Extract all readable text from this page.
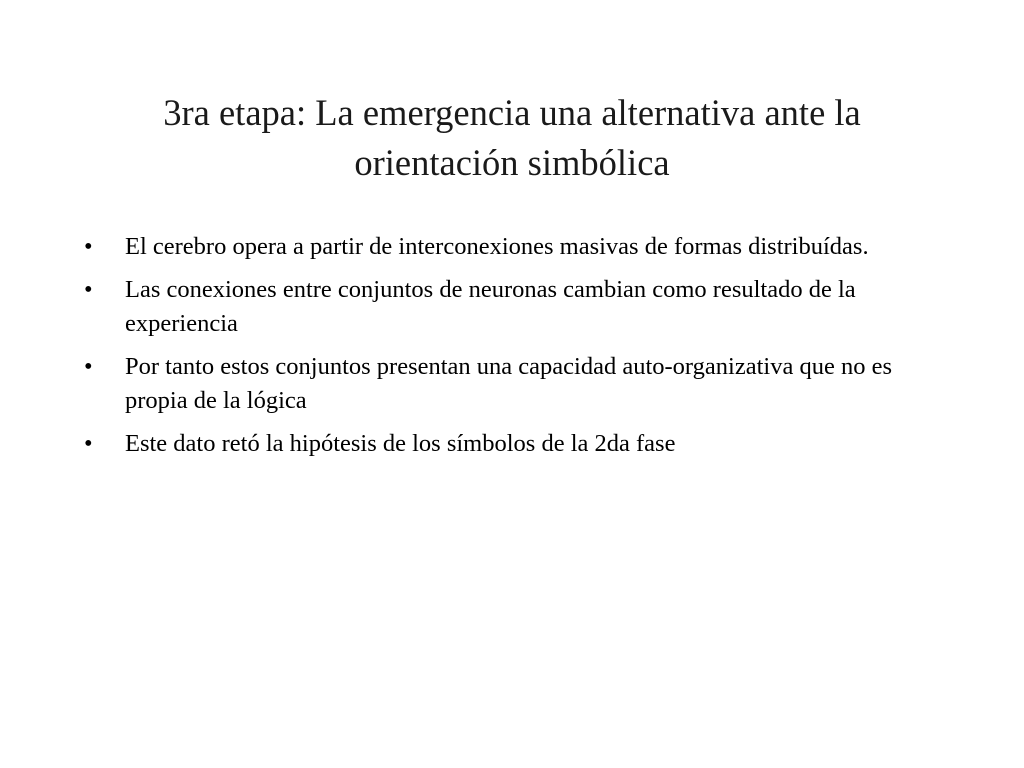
3ra etapa: La emergencia una alternativa ante la orientación simbólica
•	El cerebro opera a partir de interconexiones masivas de formas distribuídas.
•	Las conexiones entre conjuntos de neuronas cambian como resultado de la experiencia
•	Por tanto estos conjuntos presentan una capacidad auto-organizativa que no es propia de la lógica
•	Este dato retó la hipótesis de los símbolos de la 2da fase
